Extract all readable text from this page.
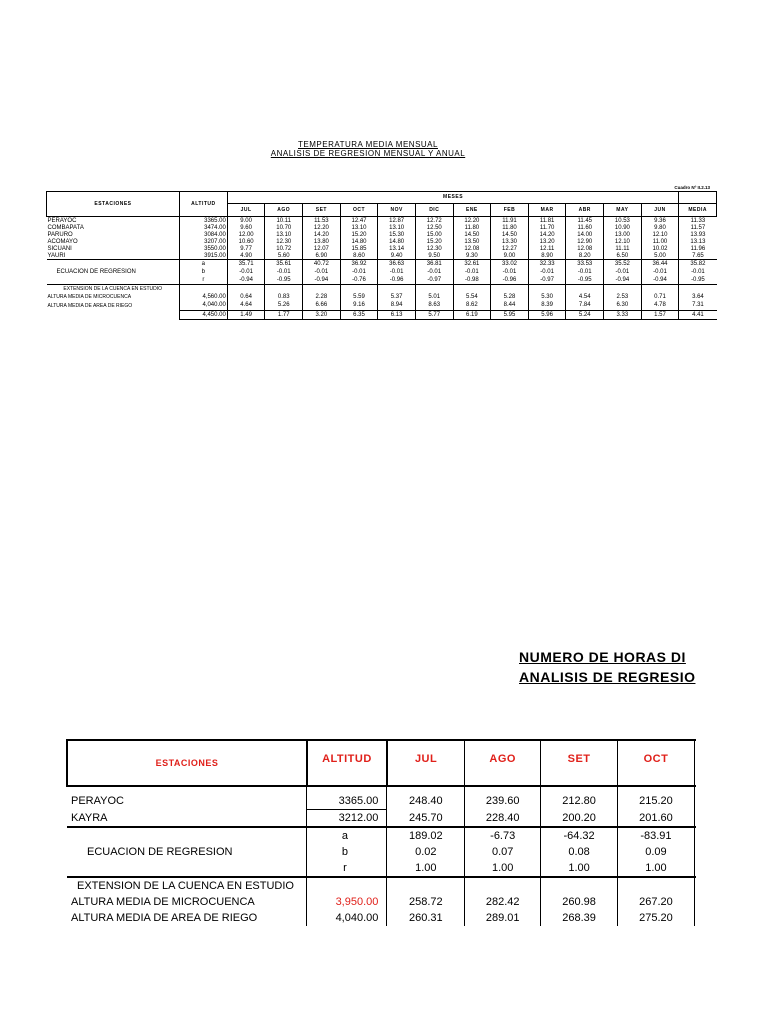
TEMPERATURA MEDIA MENSUAL
ANALISIS DE REGRESION MENSUAL Y ANUAL
Cuadro Nº II.2.13
ESTACIONES	ALTITUD	MESES												
		JUL	AGO	SET	OCT	NOV	DIC	ENE	FEB	MAR	ABR	MAY	JUN	MEDIA
PERAYOC	3365.00	9.00	10.11	11.53	12.47	12.87	12.72	12.20	11.91	11.81	11.45	10.53	9.36	11.33
COMBAPATA	3474.00	9.60	10.70	12.20	13.10	13.10	12.50	11.80	11.80	11.70	11.60	10.90	9.80	11.57
PARURO	3084.00	12.00	13.10	14.20	15.20	15.30	15.00	14.50	14.50	14.20	14.00	13.00	12.10	13.93
ACOMAYO	3207.00	10.60	12.30	13.80	14.80	14.80	15.20	13.50	13.30	13.20	12.90	12.10	11.00	13.13
SICUANI	3550.00	9.77	10.72	12.07	15.85	13.14	12.30	12.08	12.27	12.11	12.08	11.11	10.02	11.96
YAURI	3915.00	4.90	5.60	6.90	8.60	9.40	9.50	9.30	9.00	8.90	8.20	6.50	5.00	7.65
	a	35.71	35.61	40.72	36.92	36.63	36.81	32.61	33.02	32.33	33.53	35.52	36.44	35.82
ECUACION DE REGRESION	b	-0.01	-0.01	-0.01	-0.01	-0.01	-0.01	-0.01	-0.01	-0.01	-0.01	-0.01	-0.01	-0.01
	r	-0.94	-0.95	-0.94	-0.76	-0.96	-0.97	-0.98	-0.96	-0.97	-0.95	-0.94	-0.94	-0.95
EXTENSION DE LA CUENCA EN ESTUDIO														
ALTURA MEDIA DE MICROCUENCA	4,560.00	0.64	0.83	2.28	5.59	5.37	5.01	5.54	5.28	5.30	4.54	2.53	0.71	3.64
ALTURA MEDIA DE AREA DE RIEGO	4,040.00	4.64	5.26	6.66	9.16	8.94	8.63	8.62	8.44	8.39	7.84	6.30	4.78	7.31
	4,450.00	1.49	1.77	3.20	6.35	6.13	5.77	6.19	5.95	5.96	5.24	3.33	1.57	4.41
NUMERO DE HORAS DI
ANALISIS DE REGRESIO
ESTACIONES	ALTITUD	JUL	AGO	SET	OCT	
PERAYOC	3365.00	248.40	239.60	212.80	215.20	
KAYRA	3212.00	245.70	228.40	200.20	201.60	
	a	189.02	-6.73	-64.32	-83.91	
ECUACION DE REGRESION	b	0.02	0.07	0.08	0.09	
	r	1.00	1.00	1.00	1.00	
EXTENSION DE LA CUENCA EN ESTUDIO						
ALTURA MEDIA DE MICROCUENCA	3,950.00	258.72	282.42	260.98	267.20	
ALTURA MEDIA DE AREA DE RIEGO	4,040.00	260.31	289.01	268.39	275.20	
